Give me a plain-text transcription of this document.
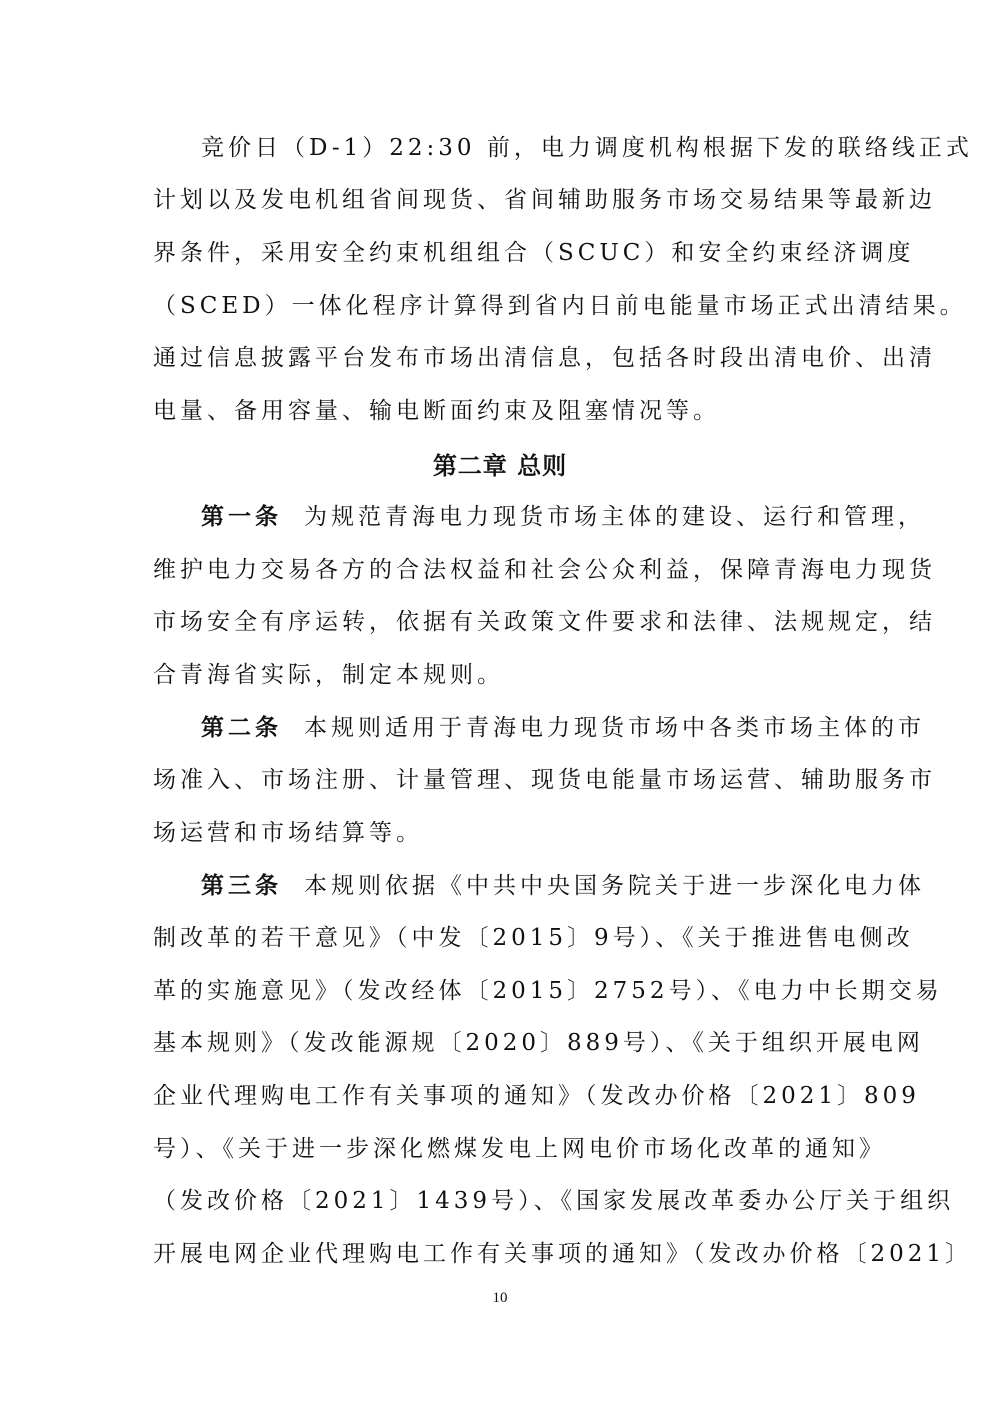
竞价日（D-1）22:30 前，电力调度机构根据下发的联络线正式
计划以及发电机组省间现货、省间辅助服务市场交易结果等最新边
界条件，采用安全约束机组组合（SCUC）和安全约束经济调度
（SCED）一体化程序计算得到省内日前电能量市场正式出清结果。
通过信息披露平台发布市场出清信息，包括各时段出清电价、出清
电量、备用容量、输电断面约束及阻塞情况等。
第二章 总则
第一条 为规范青海电力现货市场主体的建设、运行和管理，
维护电力交易各方的合法权益和社会公众利益，保障青海电力现货
市场安全有序运转，依据有关政策文件要求和法律、法规规定，结
合青海省实际，制定本规则。
第二条 本规则适用于青海电力现货市场中各类市场主体的市
场准入、市场注册、计量管理、现货电能量市场运营、辅助服务市
场运营和市场结算等。
第三条 本规则依据《中共中央国务院关于进一步深化电力体
制改革的若干意见》（中发〔2015〕9号）、《关于推进售电侧改
革的实施意见》（发改经体〔2015〕2752号）、《电力中长期交易
基本规则》（发改能源规〔2020〕889号）、《关于组织开展电网
企业代理购电工作有关事项的通知》（发改办价格〔2021〕809
号）、《关于进一步深化燃煤发电上网电价市场化改革的通知》
（发改价格〔2021〕1439号）、《国家发展改革委办公厅关于组织
开展电网企业代理购电工作有关事项的通知》（发改办价格〔2021〕
10
